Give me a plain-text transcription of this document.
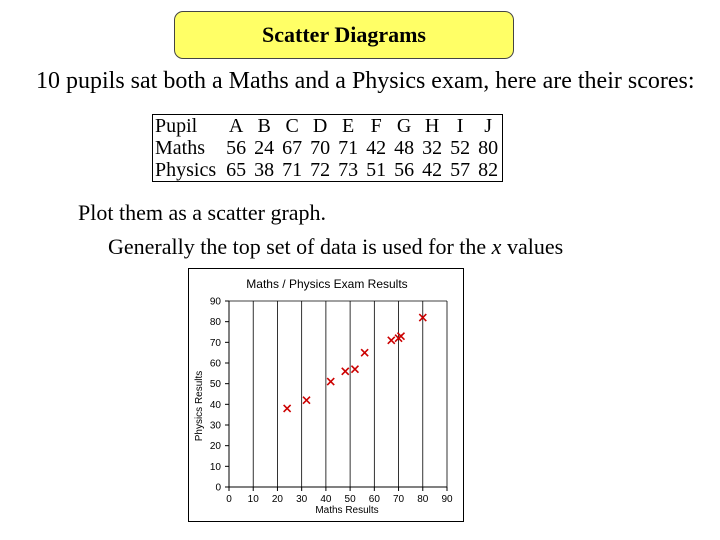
Scatter Diagrams
10 pupils sat both a Maths and a Physics exam, here are their scores:
Pupil	A	B	C	D	E	F	G	H	I	J
Maths	56	24	67	70	71	42	48	32	52	80
Physics	65	38	71	72	73	51	56	42	57	82
Plot them as a scatter graph.
Generally the top set of data is used for the x values
Maths / Physics Exam Results
Maths Results
Physics Results
0
10
20
30
40
50
60
70
80
90
0 10 20 30 40 50 60 70 80 90
